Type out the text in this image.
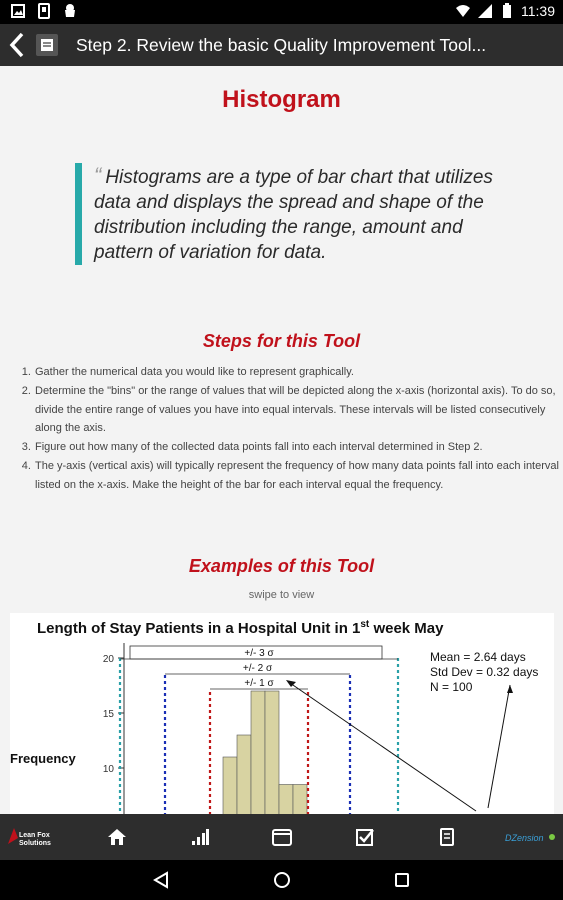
11:39
Step 2. Review the basic Quality Improvement Tool...
Histogram
“ Histograms are a type of bar chart that utilizes data and displays the spread and shape of the distribution including the range, amount and pattern of variation for data.
Steps for this Tool
1. Gather the numerical data you would like to represent graphically.
2. Determine the "bins" or the range of values that will be depicted along the x-axis (horizontal axis). To do so, divide the entire range of values you have into equal intervals. These intervals will be listed consecutively along the axis.
3. Figure out how many of the collected data points fall into each interval determined in Step 2.
4. The y-axis (vertical axis) will typically represent the frequency of how many data points fall into each interval listed on the x-axis. Make the height of the bar for each interval equal the frequency.
Examples of this Tool
swipe to view
Length of Stay Patients in a Hospital Unit in 1st week May
Frequency
20
15
10
+/- 3 σ
+/- 2 σ
+/- 1 σ
Mean = 2.64 days
Std Dev = 0.32 days
N = 100
Lean Fox
Solutions
DZension
